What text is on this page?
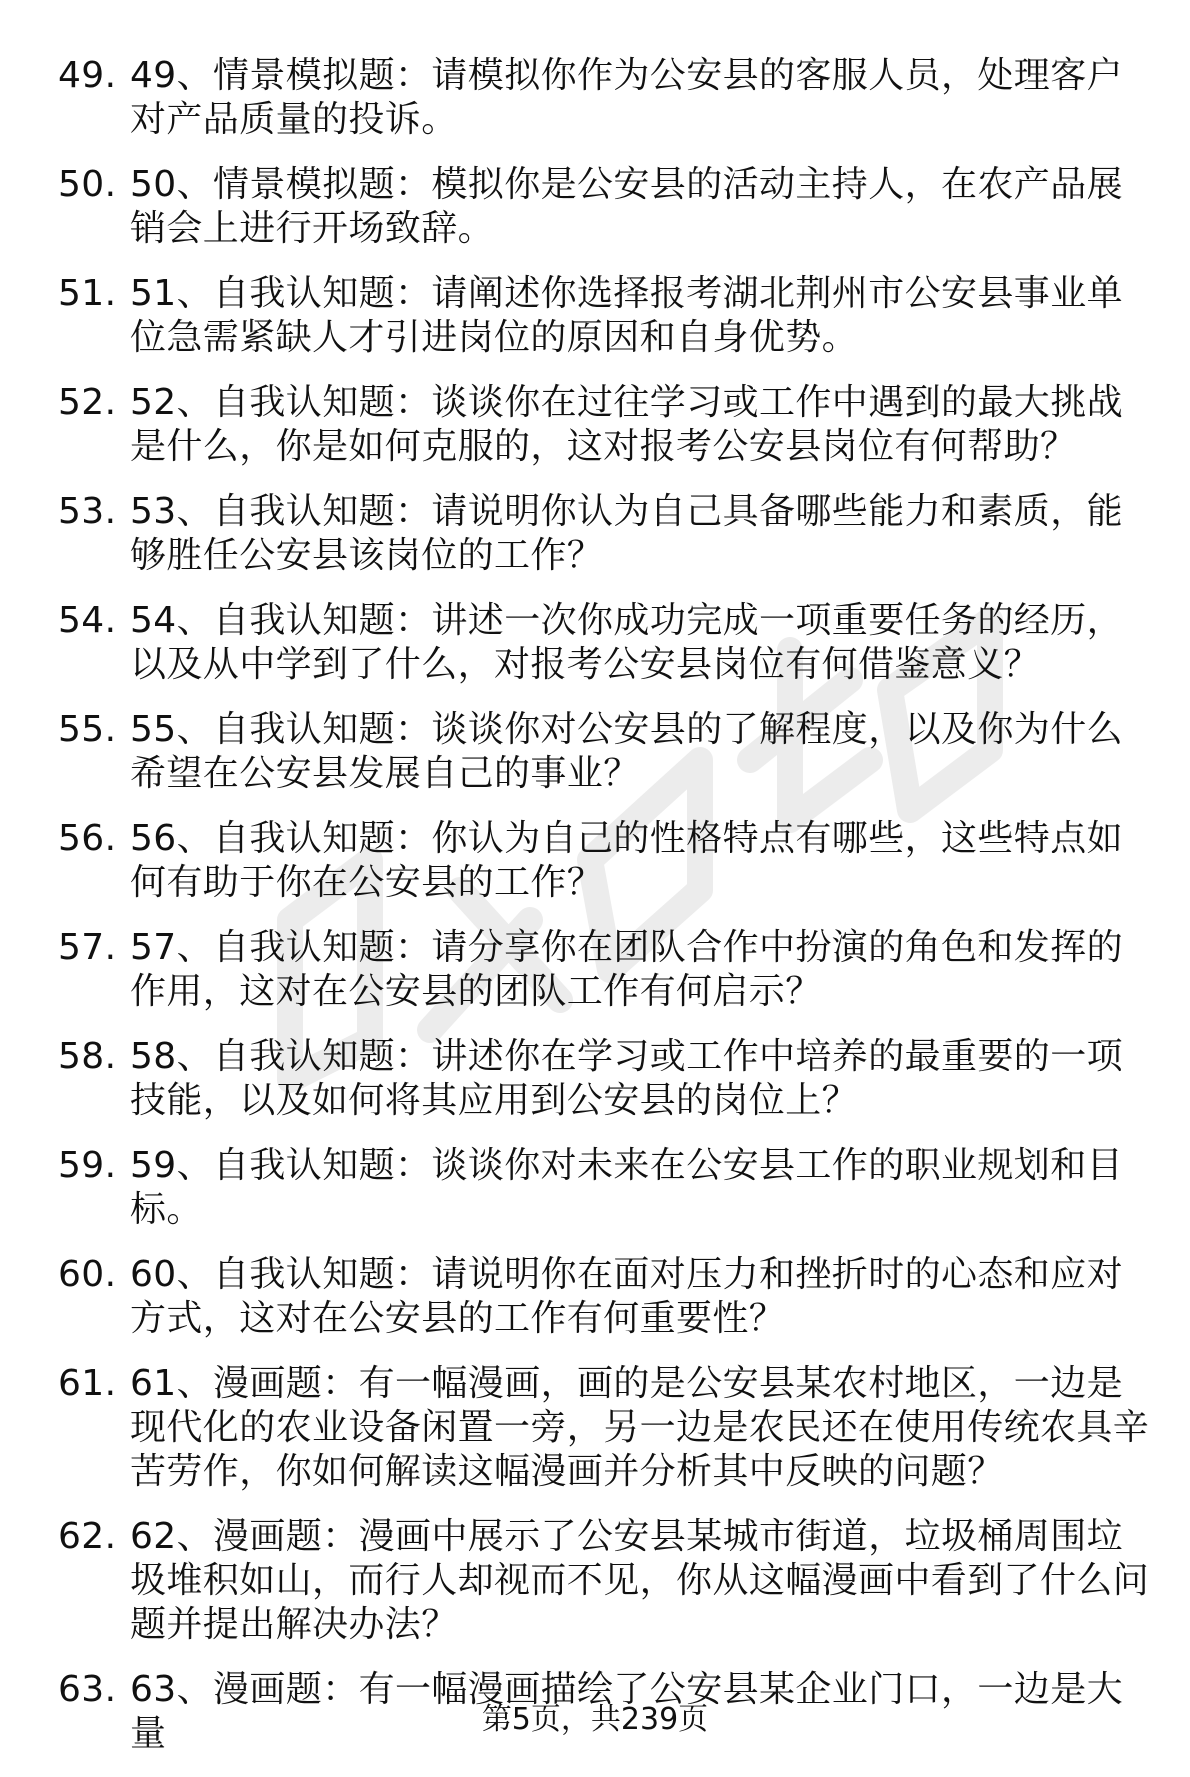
49. 49、情景模拟题：请模拟你作为公安县的客服人员，处理客户对产品质量的投诉。
50. 50、情景模拟题：模拟你是公安县的活动主持人，在农产品展销会上进行开场致辞。
51. 51、自我认知题：请阐述你选择报考湖北荆州市公安县事业单位急需紧缺人才引进岗位的原因和自身优势。
52. 52、自我认知题：谈谈你在过往学习或工作中遇到的最大挑战是什么，你是如何克服的，这对报考公安县岗位有何帮助？
53. 53、自我认知题：请说明你认为自己具备哪些能力和素质，能够胜任公安县该岗位的工作？
54. 54、自我认知题：讲述一次你成功完成一项重要任务的经历，以及从中学到了什么，对报考公安县岗位有何借鉴意义？
55. 55、自我认知题：谈谈你对公安县的了解程度，以及你为什么希望在公安县发展自己的事业？
56. 56、自我认知题：你认为自己的性格特点有哪些，这些特点如何有助于你在公安县的工作？
57. 57、自我认知题：请分享你在团队合作中扮演的角色和发挥的作用，这对在公安县的团队工作有何启示？
58. 58、自我认知题：讲述你在学习或工作中培养的最重要的一项技能，以及如何将其应用到公安县的岗位上？
59. 59、自我认知题：谈谈你对未来在公安县工作的职业规划和目标。
60. 60、自我认知题：请说明你在面对压力和挫折时的心态和应对方式，这对在公安县的工作有何重要性？
61. 61、漫画题：有一幅漫画，画的是公安县某农村地区，一边是现代化的农业设备闲置一旁，另一边是农民还在使用传统农具辛苦劳作，你如何解读这幅漫画并分析其中反映的问题？
62. 62、漫画题：漫画中展示了公安县某城市街道，垃圾桶周围垃圾堆积如山，而行人却视而不见，你从这幅漫画中看到了什么问题并提出解决办法？
63. 63、漫画题：有一幅漫画描绘了公安县某企业门口，一边是大量	第5页，共239页
